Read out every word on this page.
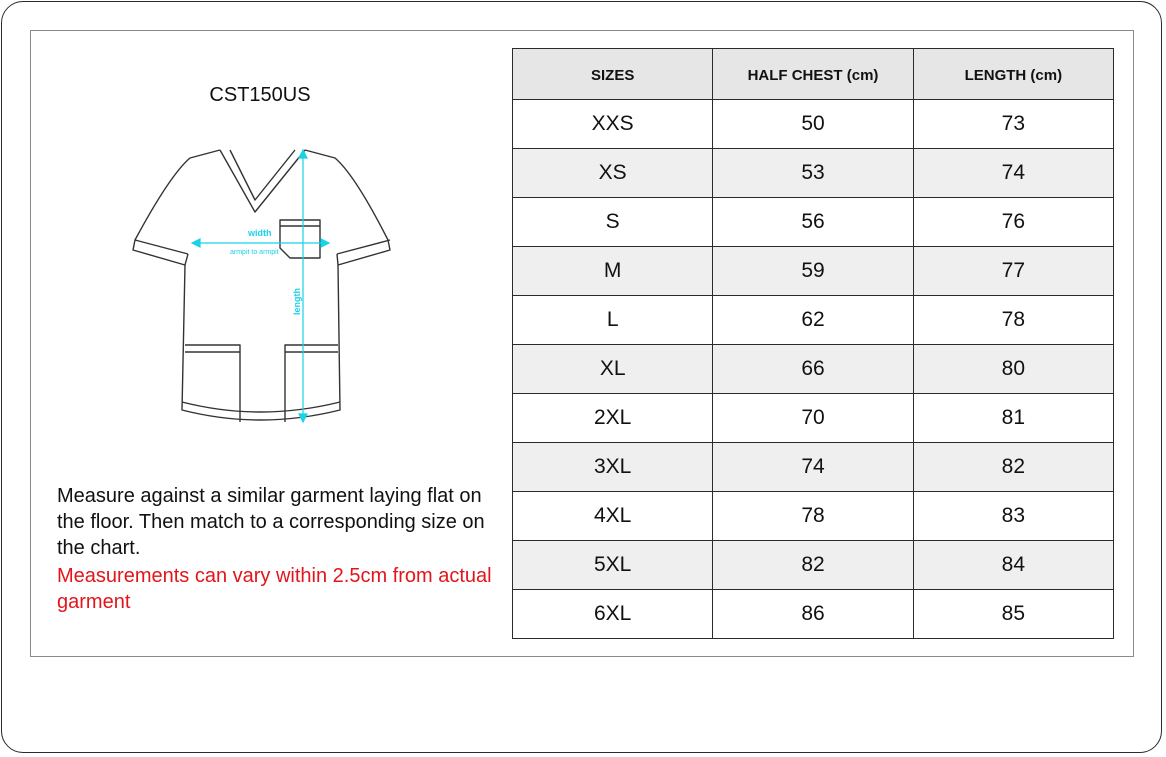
CST150US
width
armpit to armpit
length
Measure against a similar garment laying flat on the floor. Then match to a corresponding size on the chart.
Measurements can vary within 2.5cm from actual garment
SIZES	HALF CHEST (cm)	LENGTH (cm)
XXS	50	73
XS	53	74
S	56	76
M	59	77
L	62	78
XL	66	80
2XL	70	81
3XL	74	82
4XL	78	83
5XL	82	84
6XL	86	85
